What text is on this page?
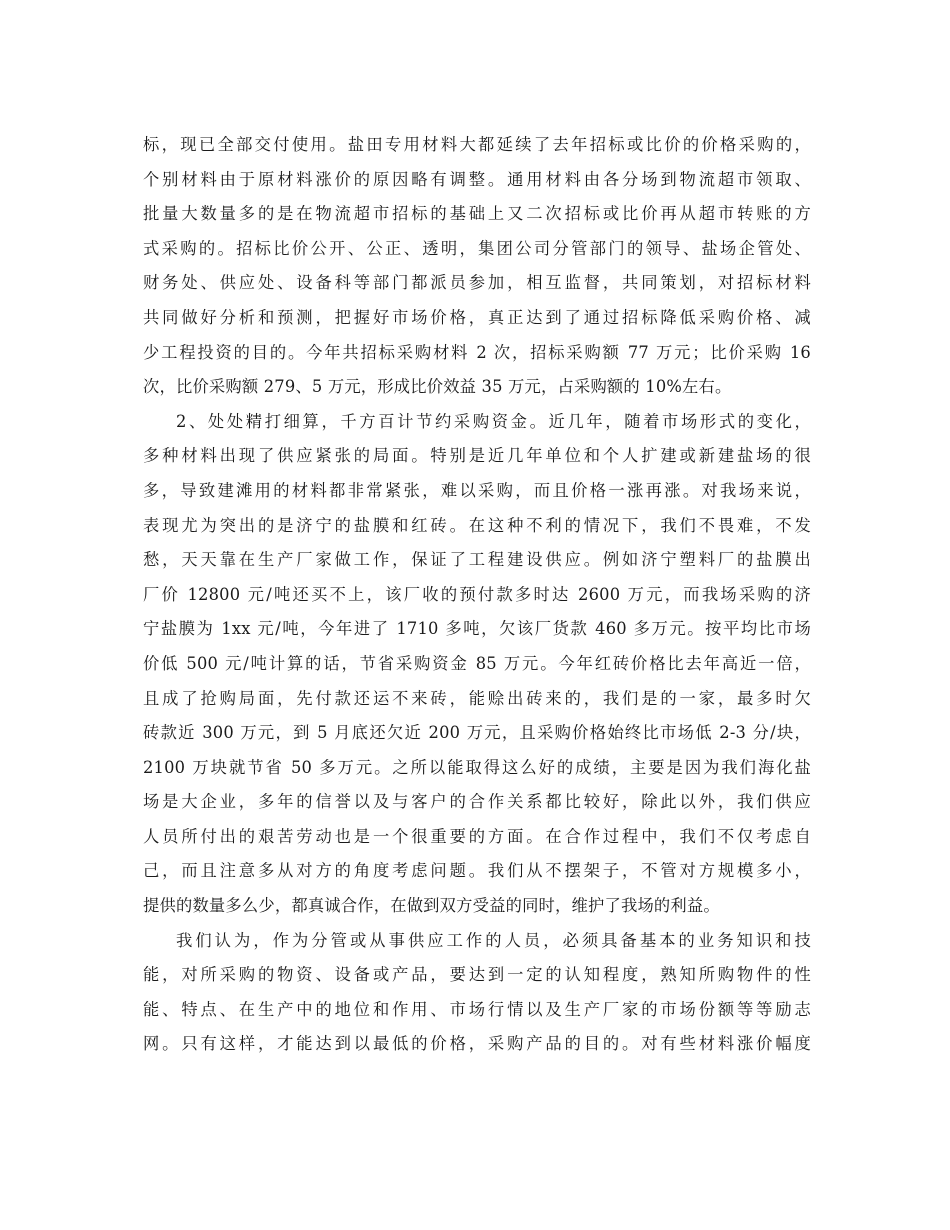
标，现已全部交付使用。盐田专用材料大都延续了去年招标或比价的价格采购的，
个别材料由于原材料涨价的原因略有调整。通用材料由各分场到物流超市领取、
批量大数量多的是在物流超市招标的基础上又二次招标或比价再从超市转账的方
式采购的。招标比价公开、公正、透明，集团公司分管部门的领导、盐场企管处、
财务处、供应处、设备科等部门都派员参加，相互监督，共同策划，对招标材料
共同做好分析和预测，把握好市场价格，真正达到了通过招标降低采购价格、减
少工程投资的目的。今年共招标采购材料 2 次，招标采购额 77 万元；比价采购 16
次，比价采购额 279、5 万元，形成比价效益 35 万元，占采购额的 10%左右。
2、处处精打细算，千方百计节约采购资金。近几年，随着市场形式的变化，
多种材料出现了供应紧张的局面。特别是近几年单位和个人扩建或新建盐场的很
多，导致建滩用的材料都非常紧张，难以采购，而且价格一涨再涨。对我场来说，
表现尤为突出的是济宁的盐膜和红砖。在这种不利的情况下，我们不畏难，不发
愁，天天靠在生产厂家做工作，保证了工程建设供应。例如济宁塑料厂的盐膜出
厂价 12800 元/吨还买不上，该厂收的预付款多时达 2600 万元，而我场采购的济
宁盐膜为 1xx 元/吨，今年进了 1710 多吨，欠该厂货款 460 多万元。按平均比市场
价低 500 元/吨计算的话，节省采购资金 85 万元。今年红砖价格比去年高近一倍，
且成了抢购局面，先付款还运不来砖，能赊出砖来的，我们是的一家，最多时欠
砖款近 300 万元，到 5 月底还欠近 200 万元，且采购价格始终比市场低 2-3 分/块，
2100 万块就节省 50 多万元。之所以能取得这么好的成绩，主要是因为我们海化盐
场是大企业，多年的信誉以及与客户的合作关系都比较好，除此以外，我们供应
人员所付出的艰苦劳动也是一个很重要的方面。在合作过程中，我们不仅考虑自
己，而且注意多从对方的角度考虑问题。我们从不摆架子，不管对方规模多小，
提供的数量多么少，都真诚合作，在做到双方受益的同时，维护了我场的利益。
我们认为，作为分管或从事供应工作的人员，必须具备基本的业务知识和技
能，对所采购的物资、设备或产品，要达到一定的认知程度，熟知所购物件的性
能、特点、在生产中的地位和作用、市场行情以及生产厂家的市场份额等等励志
网。只有这样，才能达到以最低的价格，采购产品的目的。对有些材料涨价幅度
